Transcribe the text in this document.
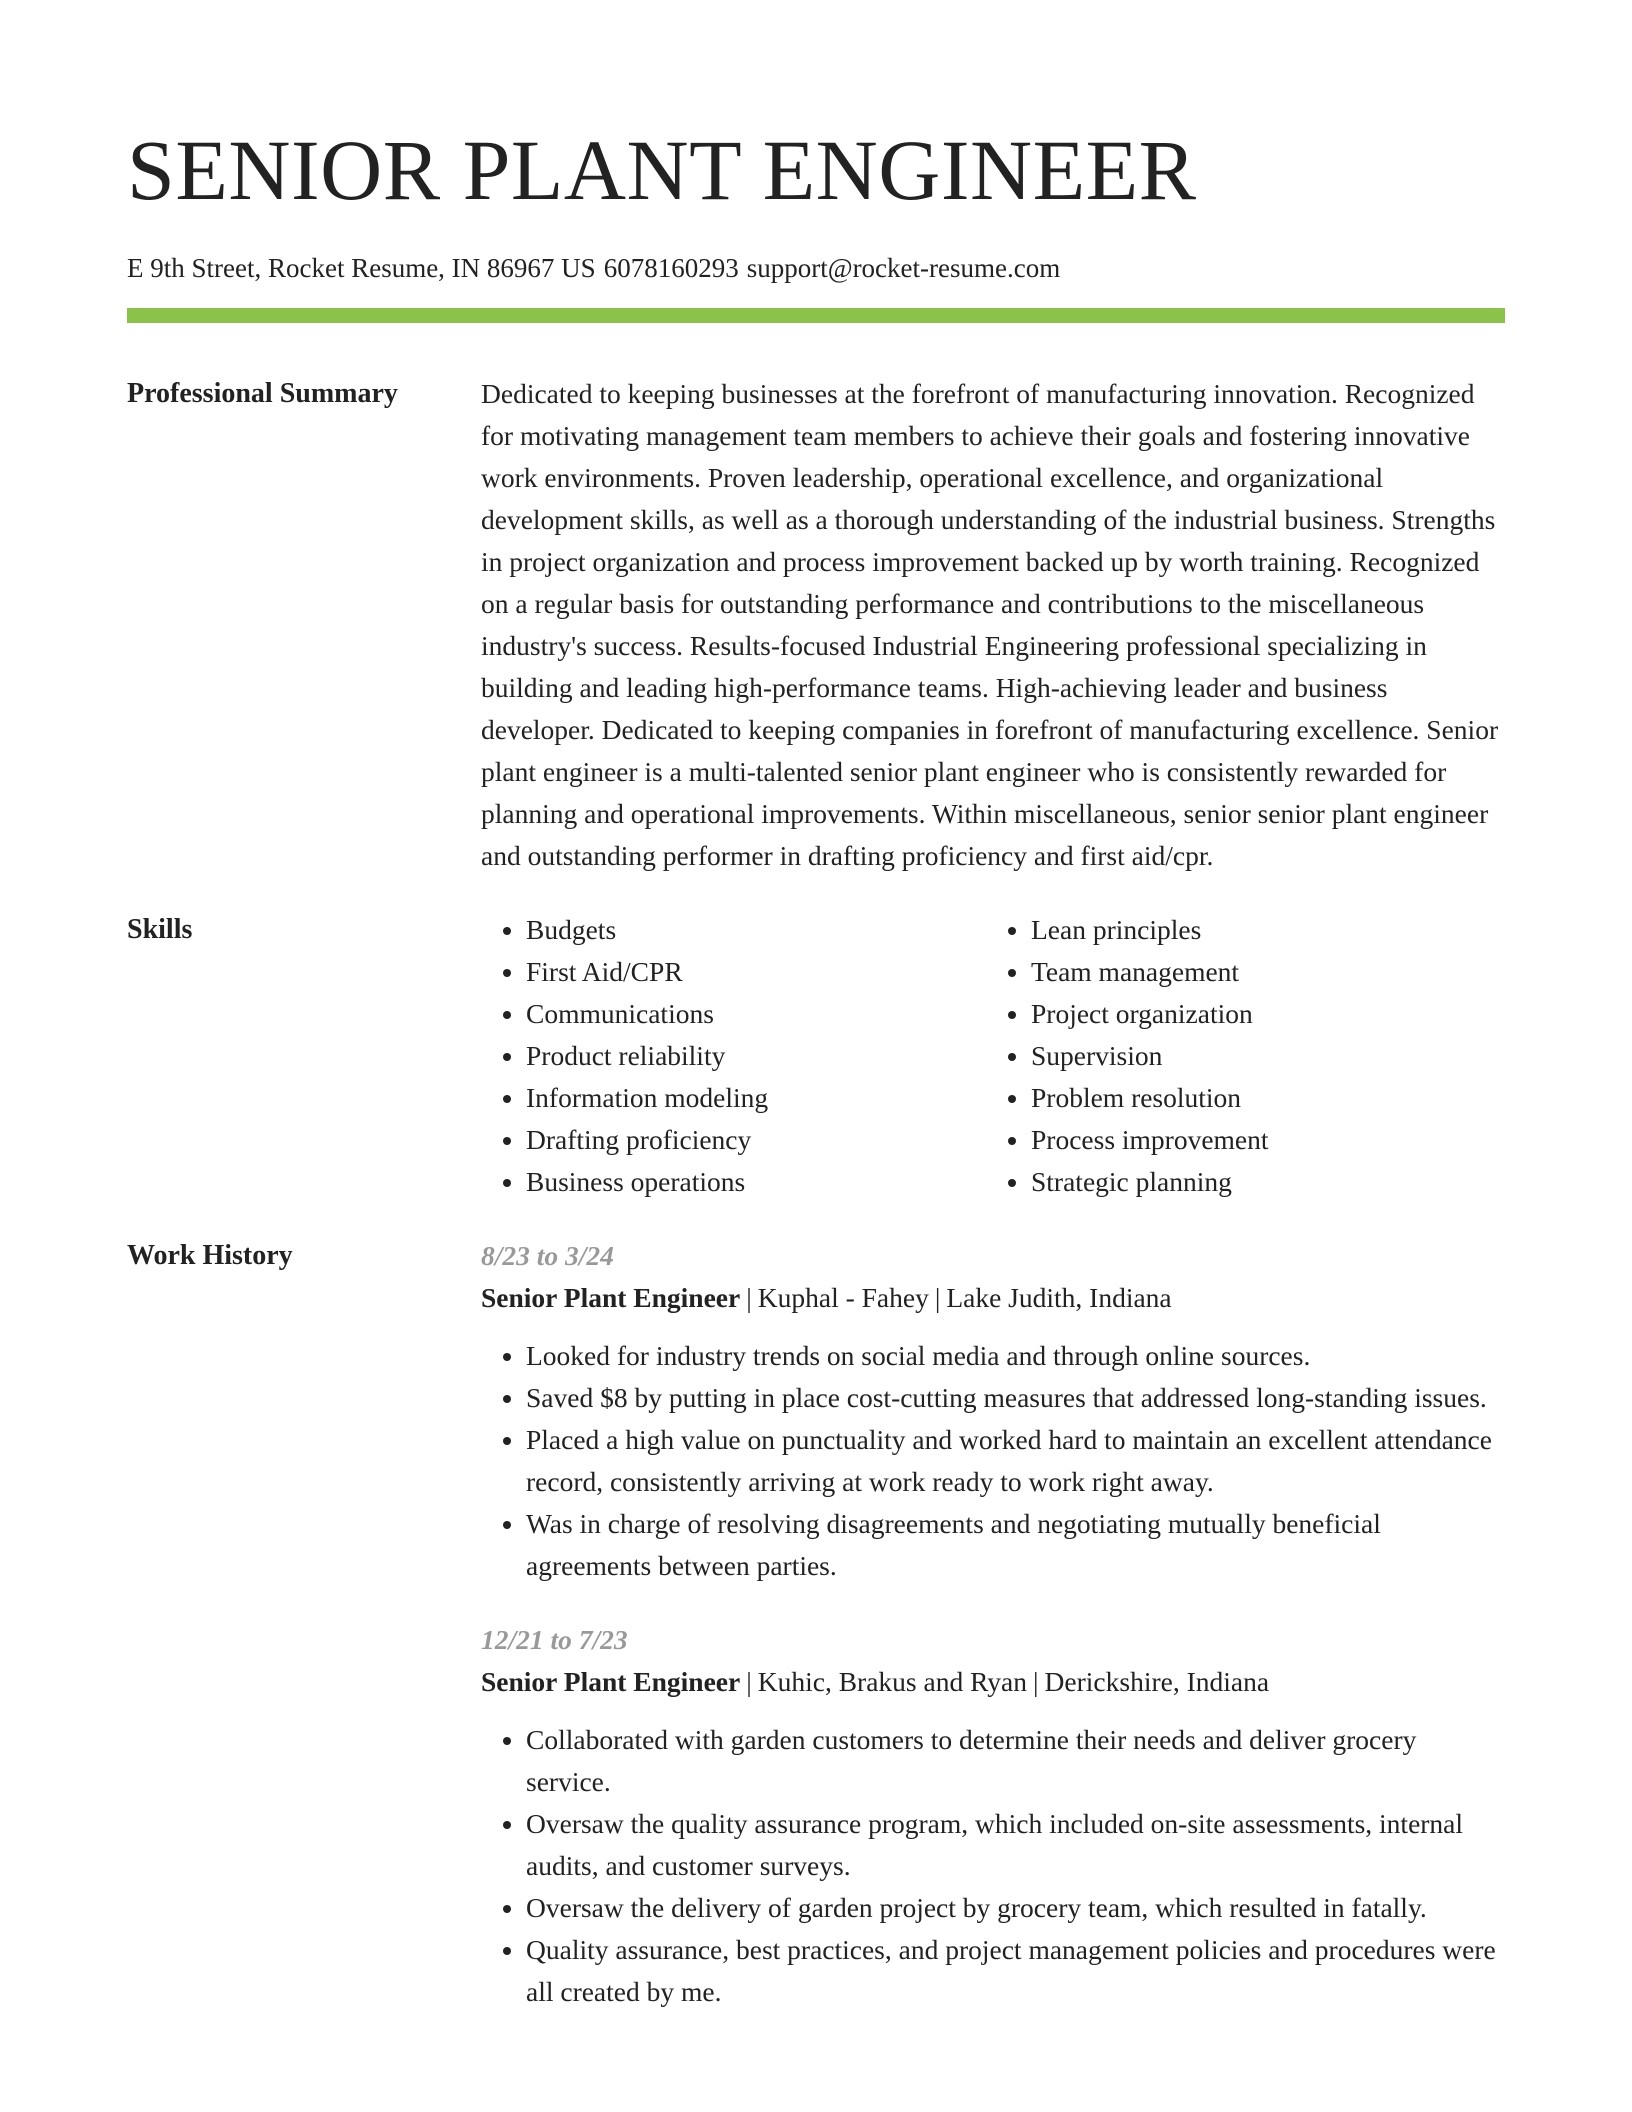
SENIOR PLANT ENGINEER
E 9th Street, Rocket Resume, IN 86967 US 6078160293 support@rocket-resume.com
Professional Summary	Dedicated to keeping businesses at the forefront of manufacturing innovation. Recognized for motivating management team members to achieve their goals and fostering innovative work environments. Proven leadership, operational excellence, and organizational development skills, as well as a thorough understanding of the industrial business. Strengths in project organization and process improvement backed up by worth training. Recognized on a regular basis for outstanding performance and contributions to the miscellaneous industry's success. Results-focused Industrial Engineering professional specializing in building and leading high-performance teams. High-achieving leader and business developer. Dedicated to keeping companies in forefront of manufacturing excellence. Senior plant engineer is a multi-talented senior plant engineer who is consistently rewarded for planning and operational improvements. Within miscellaneous, senior senior plant engineer and outstanding performer in drafting proficiency and first aid/cpr.

Skills
•	Budgets
• First Aid/CPR
• Communications
• Product reliability
• Information modeling
• Drafting proficiency
• Business operations
• Lean principles
• Team management
• Project organization
• Supervision
• Problem resolution
• Process improvement
• Strategic planning
Work History	8/23 to 3/24
Senior Plant Engineer | Kuphal - Fahey | Lake Judith, Indiana
• Looked for industry trends on social media and through online sources.
• Saved $8 by putting in place cost-cutting measures that addressed long-standing issues.
• Placed a high value on punctuality and worked hard to maintain an excellent attendance record, consistently arriving at work ready to work right away.
• Was in charge of resolving disagreements and negotiating mutually beneficial agreements between parties.
12/21 to 7/23
Senior Plant Engineer | Kuhic, Brakus and Ryan | Derickshire, Indiana
• Collaborated with garden customers to determine their needs and deliver grocery service.
• Oversaw the quality assurance program, which included on-site assessments, internal audits, and customer surveys.
• Oversaw the delivery of garden project by grocery team, which resulted in fatally.
• Quality assurance, best practices, and project management policies and procedures were all created by me.
